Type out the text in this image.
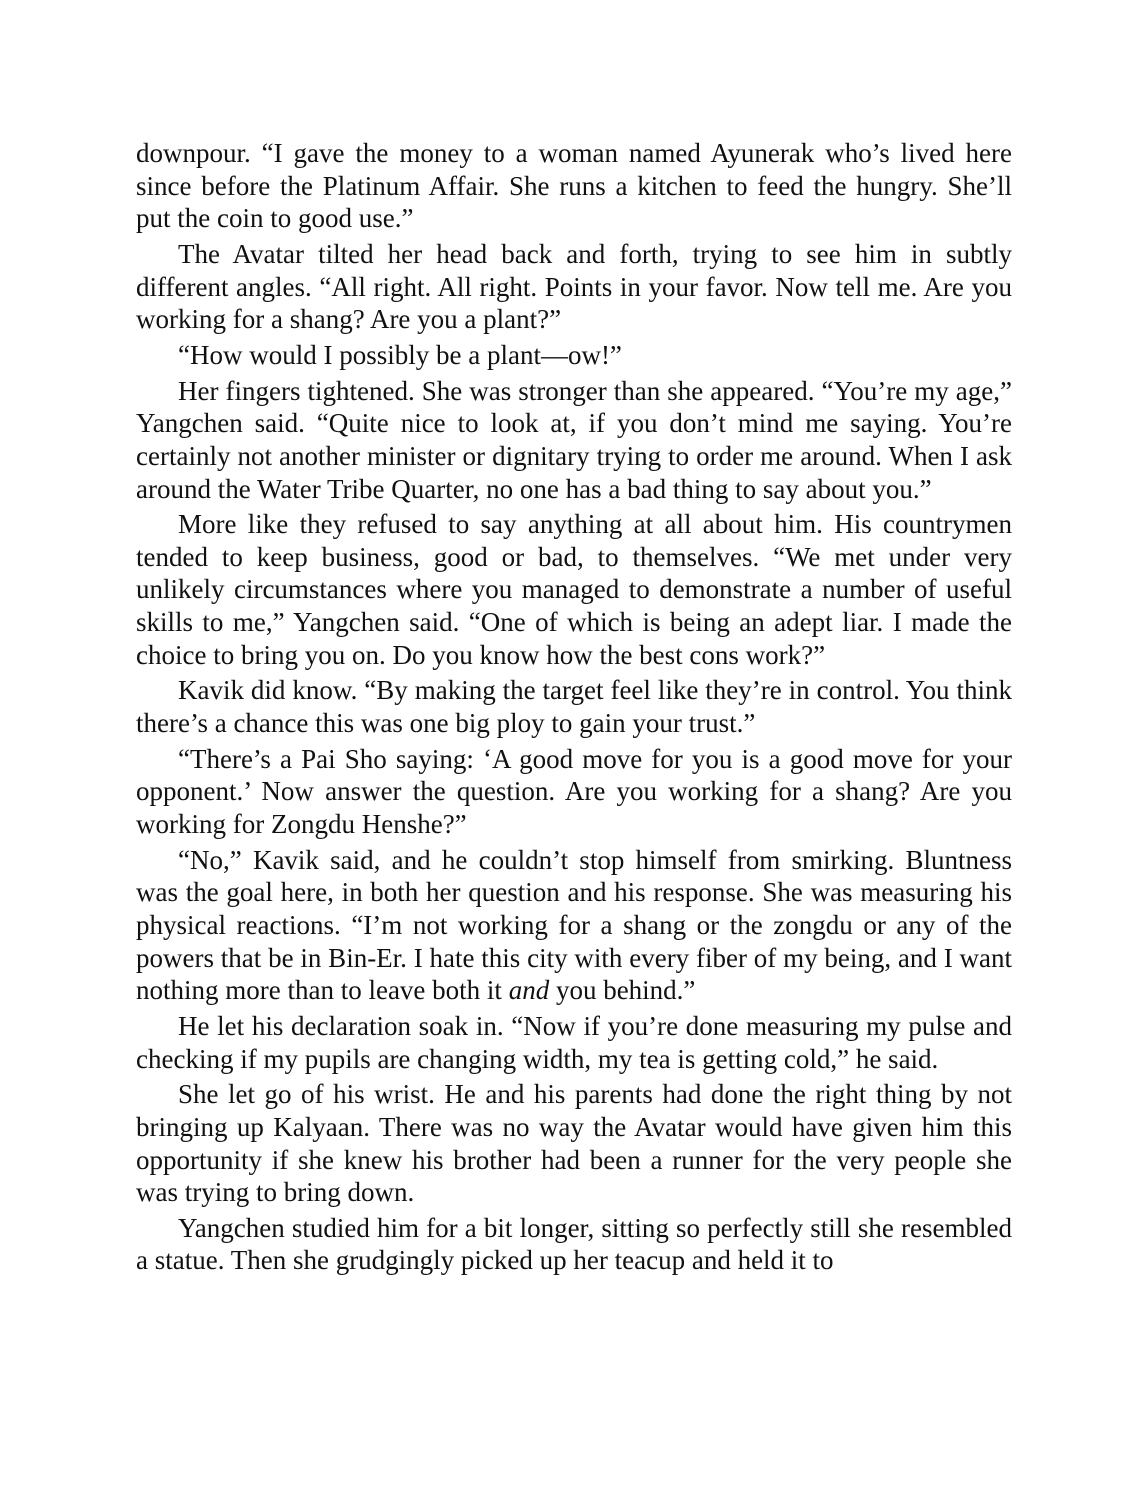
downpour. “I gave the money to a woman named Ayunerak who’s lived here since before the Platinum Affair. She runs a kitchen to feed the hungry. She’ll put the coin to good use.”

The Avatar tilted her head back and forth, trying to see him in subtly different angles. “All right. All right. Points in your favor. Now tell me. Are you working for a shang? Are you a plant?”

“How would I possibly be a plant—ow!”

Her fingers tightened. She was stronger than she appeared. “You’re my age,” Yangchen said. “Quite nice to look at, if you don’t mind me saying. You’re certainly not another minister or dignitary trying to order me around. When I ask around the Water Tribe Quarter, no one has a bad thing to say about you.”

More like they refused to say anything at all about him. His countrymen tended to keep business, good or bad, to themselves. “We met under very unlikely circumstances where you managed to demonstrate a number of useful skills to me,” Yangchen said. “One of which is being an adept liar. I made the choice to bring you on. Do you know how the best cons work?”

Kavik did know. “By making the target feel like they’re in control. You think there’s a chance this was one big ploy to gain your trust.”

“There’s a Pai Sho saying: ‘A good move for you is a good move for your opponent.’ Now answer the question. Are you working for a shang? Are you working for Zongdu Henshe?”

“No,” Kavik said, and he couldn’t stop himself from smirking. Bluntness was the goal here, in both her question and his response. She was measuring his physical reactions. “I’m not working for a shang or the zongdu or any of the powers that be in Bin-Er. I hate this city with every fiber of my being, and I want nothing more than to leave both it and you behind.”

He let his declaration soak in. “Now if you’re done measuring my pulse and checking if my pupils are changing width, my tea is getting cold,” he said.

She let go of his wrist. He and his parents had done the right thing by not bringing up Kalyaan. There was no way the Avatar would have given him this opportunity if she knew his brother had been a runner for the very people she was trying to bring down.

Yangchen studied him for a bit longer, sitting so perfectly still she resembled a statue. Then she grudgingly picked up her teacup and held it to
